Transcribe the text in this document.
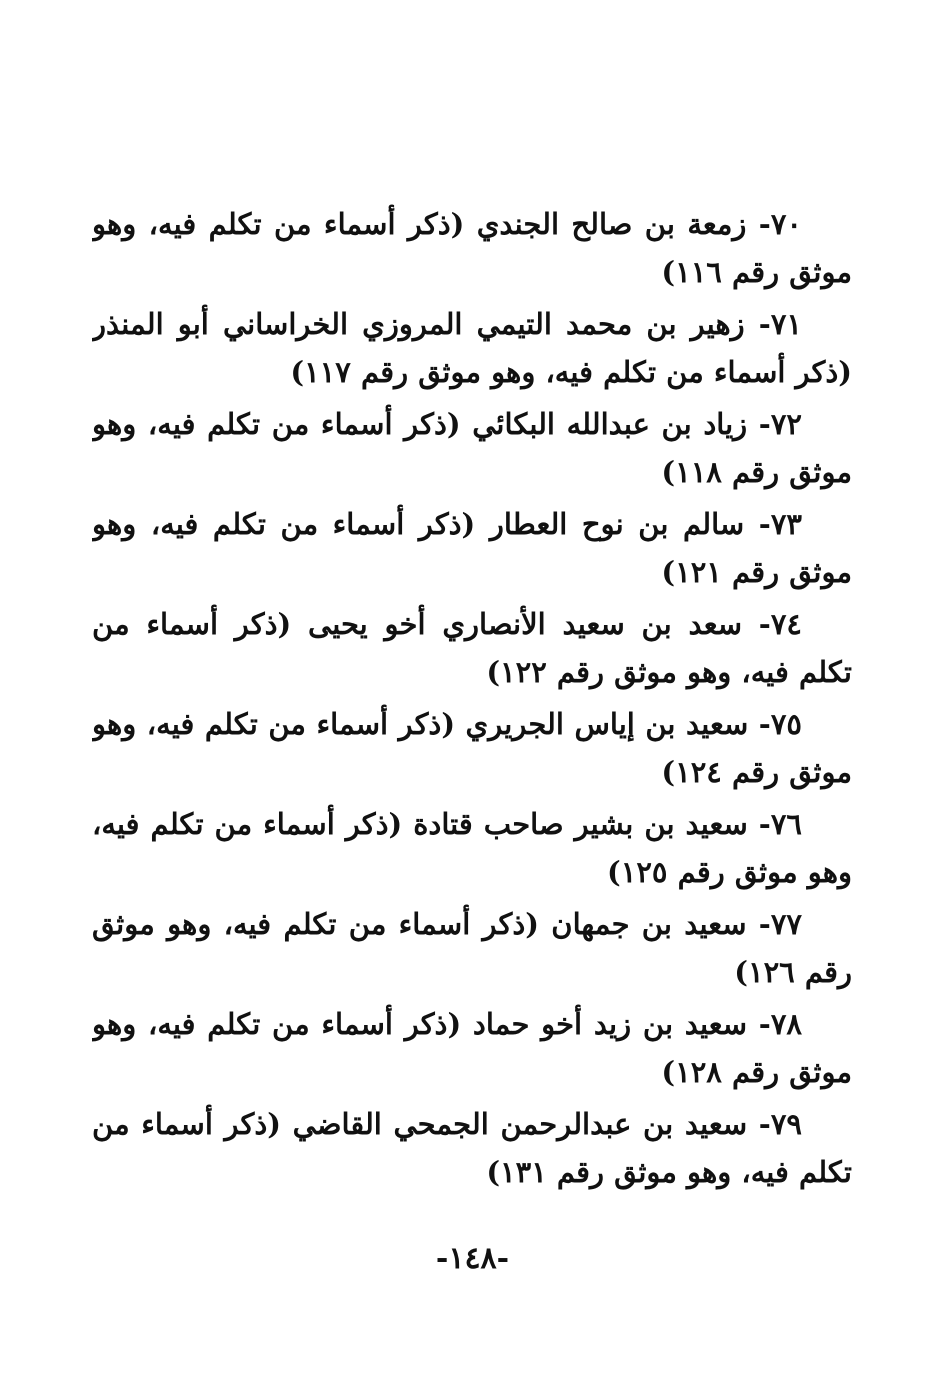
٧٠- زمعة بن صالح الجندي (ذكر أسماء من تكلم فيه، وهو موثق رقم ١١٦)

٧١- زهير بن محمد التيمي المروزي الخراساني أبو المنذر (ذكر أسماء من تكلم فيه، وهو موثق رقم ١١٧)

٧٢- زياد بن عبدالله البكائي (ذكر أسماء من تكلم فيه، وهو موثق رقم ١١٨)

٧٣- سالم بن نوح العطار (ذكر أسماء من تكلم فيه، وهو موثق رقم ١٢١)

٧٤- سعد بن سعيد الأنصاري أخو يحيى (ذكر أسماء من تكلم فيه، وهو موثق رقم ١٢٢)

٧٥- سعيد بن إياس الجريري (ذكر أسماء من تكلم فيه، وهو موثق رقم ١٢٤)

٧٦- سعيد بن بشير صاحب قتادة (ذكر أسماء من تكلم فيه، وهو موثق رقم ١٢٥)

٧٧- سعيد بن جمهان (ذكر أسماء من تكلم فيه، وهو موثق رقم ١٢٦)

٧٨- سعيد بن زيد أخو حماد (ذكر أسماء من تكلم فيه، وهو موثق رقم ١٢٨)

٧٩- سعيد بن عبدالرحمن الجمحي القاضي (ذكر أسماء من تكلم فيه، وهو موثق رقم ١٣١)

-١٤٨-
